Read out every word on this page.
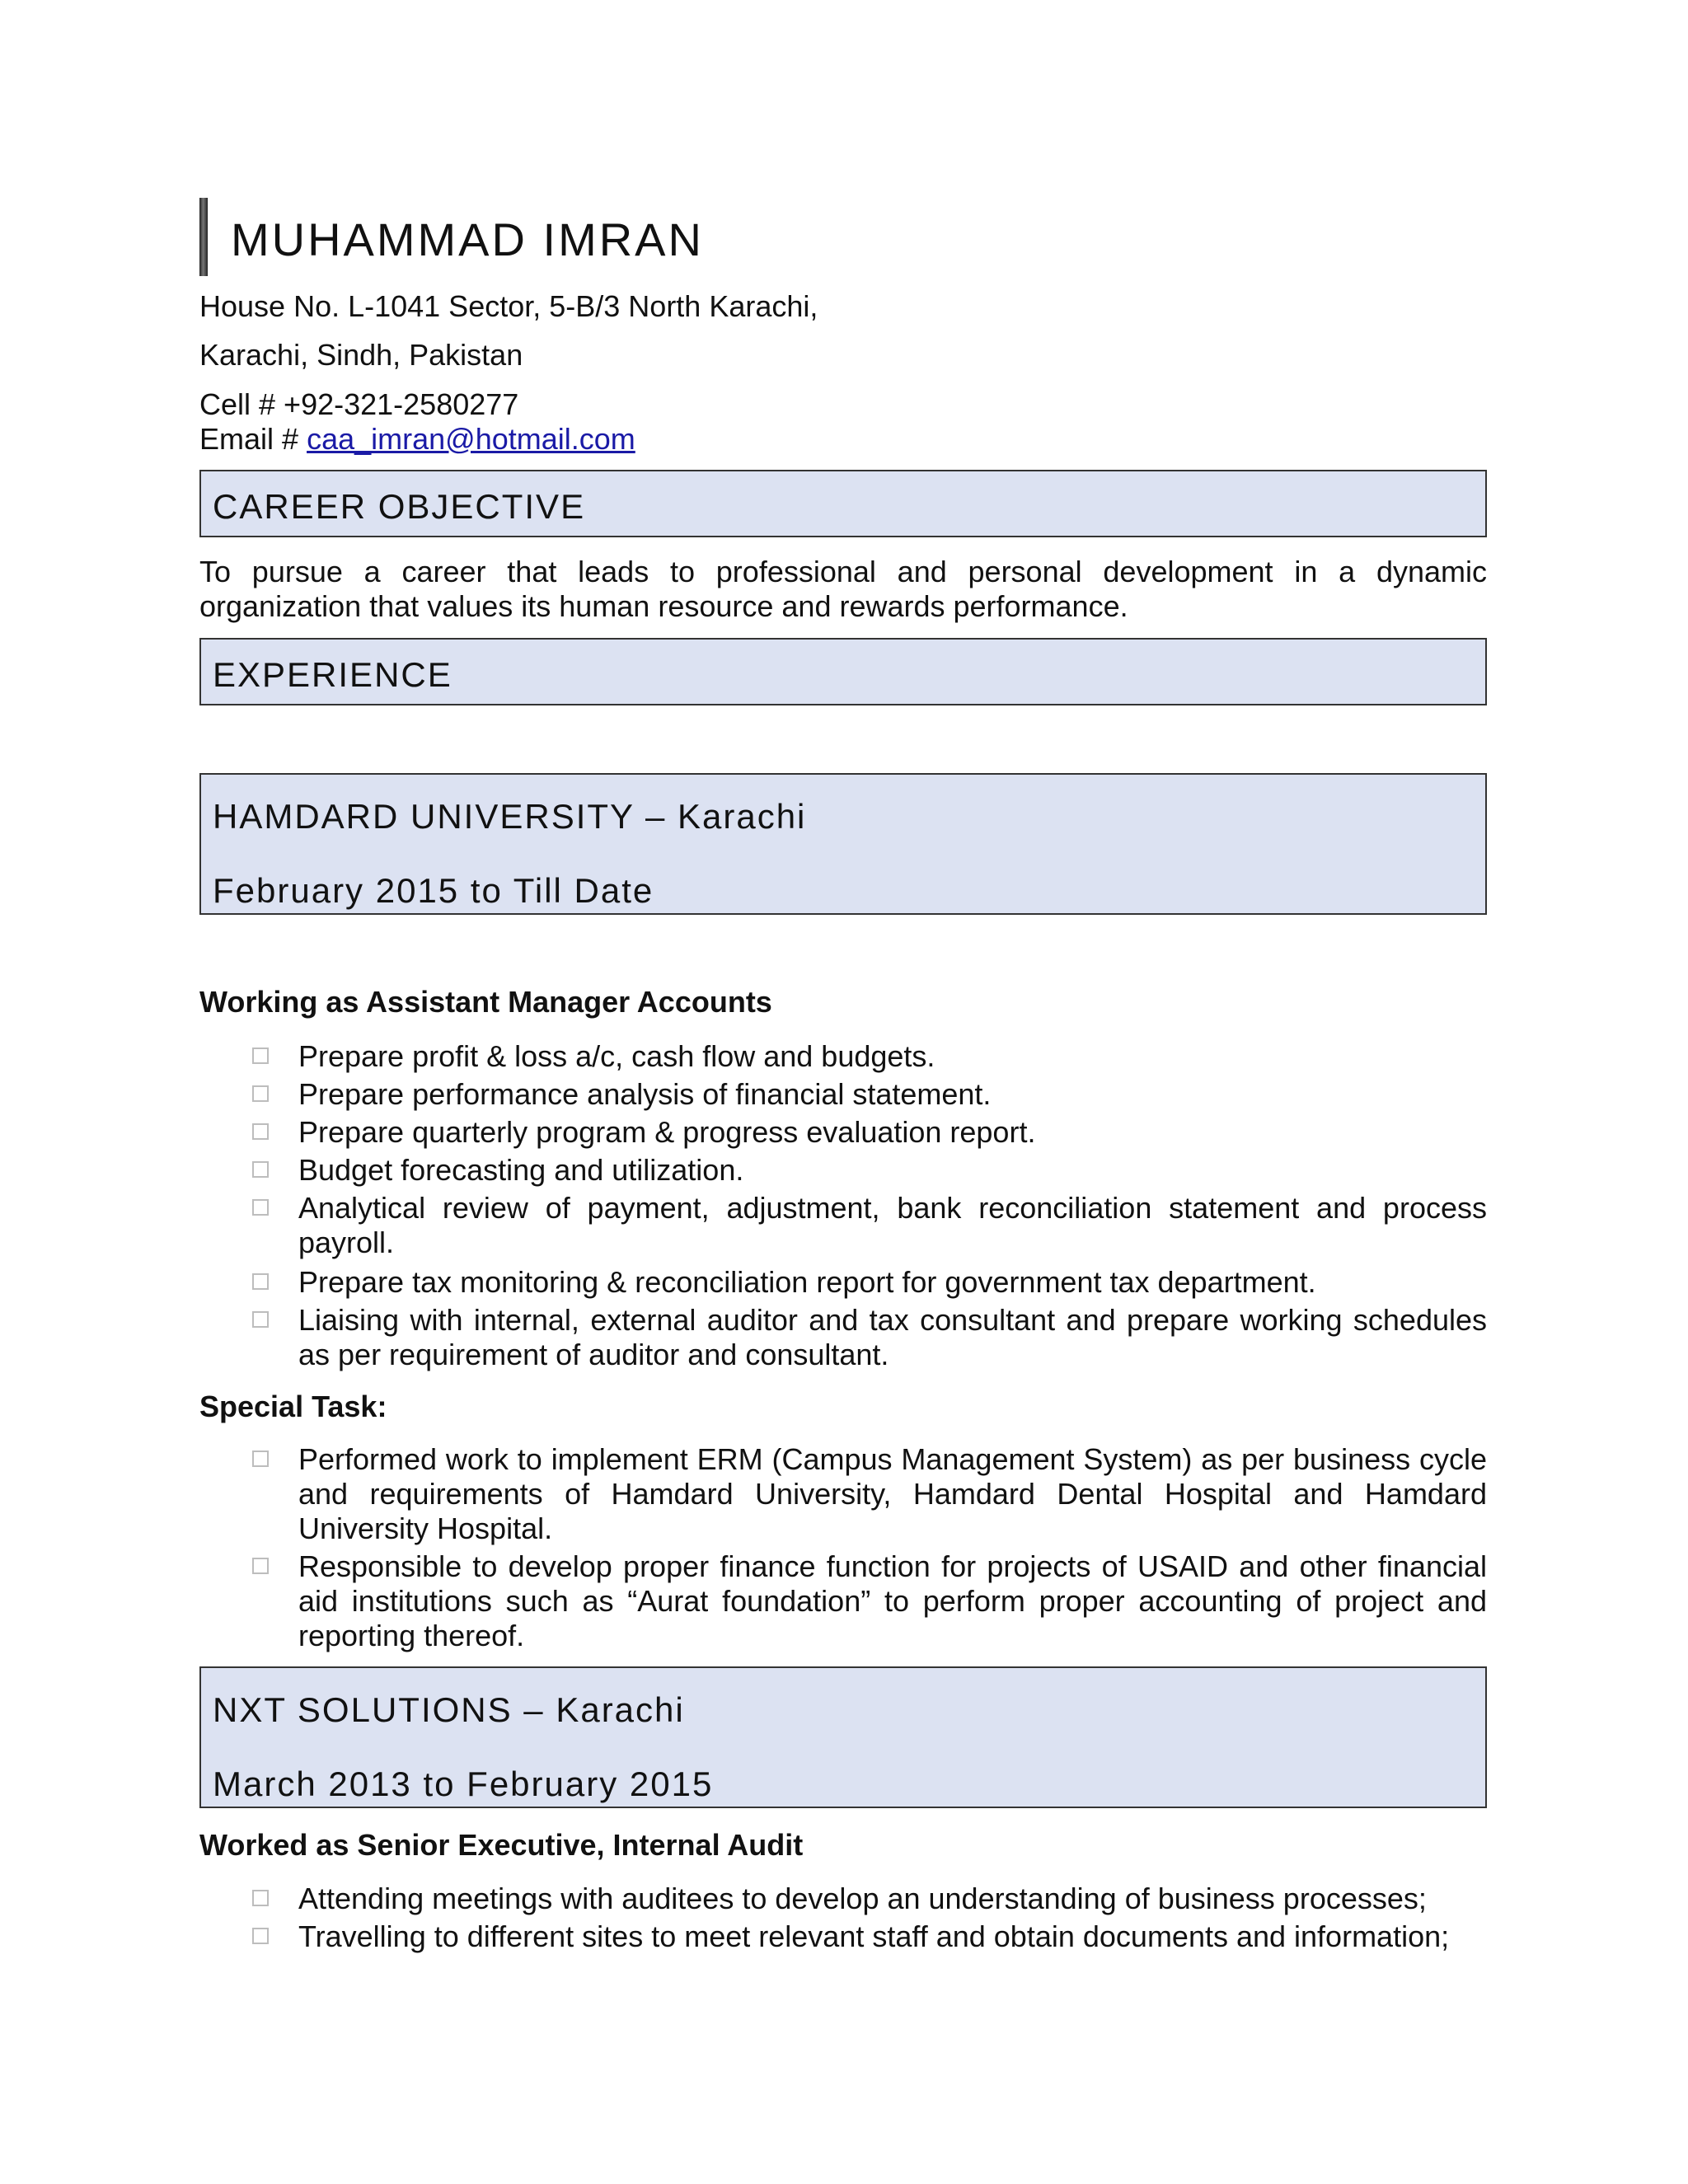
MUHAMMAD IMRAN
House No. L-1041 Sector, 5-B/3 North Karachi,
Karachi, Sindh, Pakistan
Cell # +92-321-2580277
Email # caa_imran@hotmail.com
CAREER OBJECTIVE
To pursue a career that leads to professional and personal development in a dynamic organization that values its human resource and rewards performance.
EXPERIENCE
HAMDARD UNIVERSITY – Karachi
February 2015 to Till Date
Working as Assistant Manager Accounts
Prepare profit & loss a/c, cash flow and budgets.
Prepare performance analysis of financial statement.
Prepare quarterly program & progress evaluation report.
Budget forecasting and utilization.
Analytical review of payment, adjustment, bank reconciliation statement and process payroll.
Prepare tax monitoring & reconciliation report for government tax department.
Liaising with internal, external auditor and tax consultant and prepare working schedules as per requirement of auditor and consultant.
Special Task:
Performed work to implement ERM (Campus Management System) as per business cycle and requirements of Hamdard University, Hamdard Dental Hospital and Hamdard University Hospital.
Responsible to develop proper finance function for projects of USAID and other financial aid institutions such as “Aurat foundation” to perform proper accounting of project and reporting thereof.
NXT SOLUTIONS – Karachi
March 2013 to February 2015
Worked as Senior Executive, Internal Audit
Attending meetings with auditees to develop an understanding of business processes;
Travelling to different sites to meet relevant staff and obtain documents and information;
